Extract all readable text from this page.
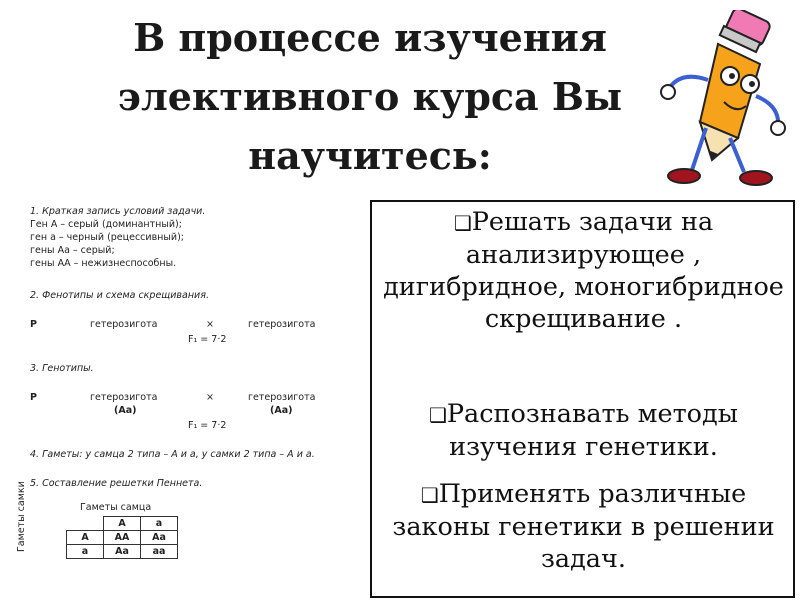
В процессе изучения
элективного курса Вы
научитесь:
1. Краткая запись условий задачи.
Ген А – серый (доминантный);
ген а – черный (рецессивный);
гены Аа – серый;
гены АА – нежизнеспособны.
2. Фенотипы и схема скрещивания.
Р	гетерозигота	×	гетерозигота
F₁ = 7·2
3. Генотипы.
Р	гетерозигота	×	гетерозигота
(Аа)	(Аа)
F₁ = 7·2
4. Гаметы: у самца 2 типа – А и а, у самки 2 типа – А и а.
5. Составление решетки Пеннета.
Гаметы самца
Гаметы самки
		А	а
А	АА	Аа
а	Аа	аа
❑Решать задачи на анализирующее , дигибридное, моногибридное скрещивание .
❑Распознавать методы изучения генетики.
❑Применять различные законы генетики в решении задач.
